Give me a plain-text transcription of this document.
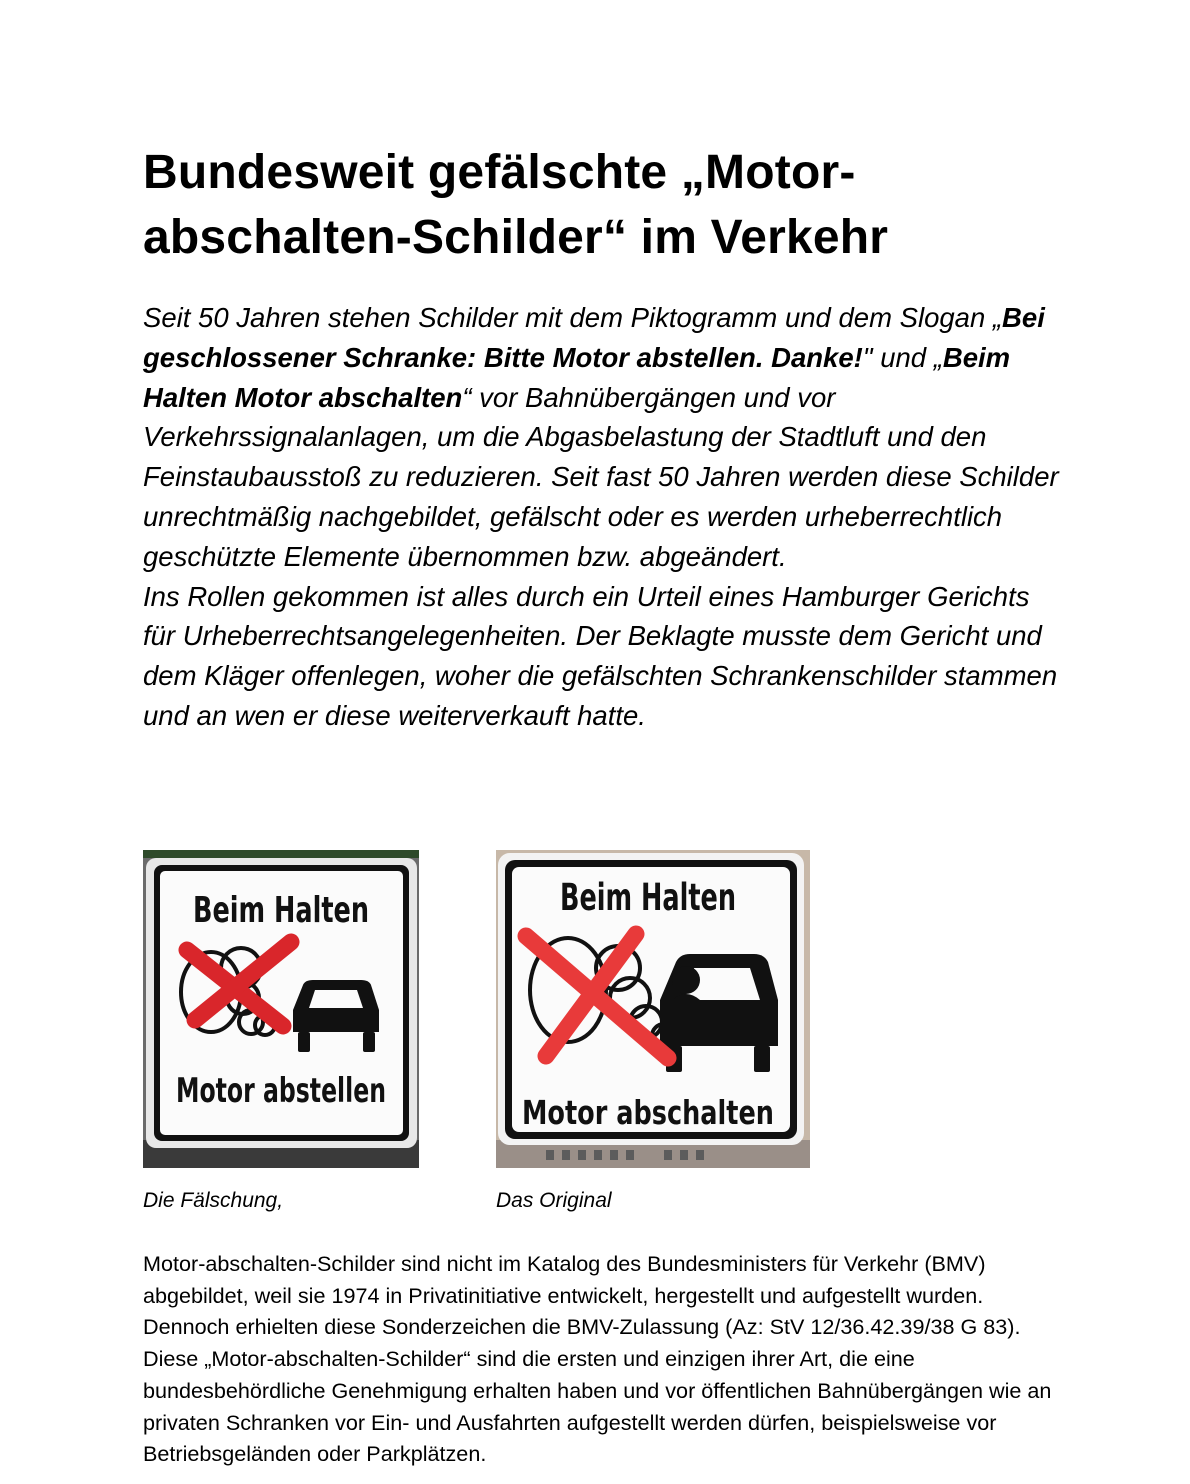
Bundesweit gefälschte „Motor-abschalten-Schilder“ im Verkehr

Seit 50 Jahren stehen Schilder mit dem Piktogramm und dem Slogan „Bei geschlossener Schranke: Bitte Motor abstellen. Danke!" und „Beim Halten Motor abschalten“ vor Bahnübergängen und vor Verkehrssignalanlagen, um die Abgasbelastung der Stadtluft und den Feinstaubausstoß zu reduzieren. Seit fast 50 Jahren werden diese Schilder unrechtmäßig nachgebildet, gefälscht oder es werden urheberrechtlich geschützte Elemente übernommen bzw. abgeändert.
Ins Rollen gekommen ist alles durch ein Urteil eines Hamburger Gerichts für Urheberrechtsangelegenheiten. Der Beklagte musste dem Gericht und dem Kläger offenlegen, woher die gefälschten Schrankenschilder stammen und an wen er diese weiterverkauft hatte.

Beim Halten
Motor abstellen
Beim Halten
Motor abschalten
Die Fälschung,	Das Original

Motor-abschalten-Schilder sind nicht im Katalog des Bundesministers für Verkehr (BMV) abgebildet, weil sie 1974 in Privatinitiative entwickelt, hergestellt und aufgestellt wurden. Dennoch erhielten diese Sonderzeichen die BMV-Zulassung (Az: StV 12/36.42.39/38 G 83). Diese „Motor-abschalten-Schilder“ sind die ersten und einzigen ihrer Art, die eine bundesbehördliche Genehmigung erhalten haben und vor öffentlichen Bahnübergängen wie an privaten Schranken vor Ein- und Ausfahrten aufgestellt werden dürfen, beispielsweise vor Betriebsgeländen oder Parkplätzen.
